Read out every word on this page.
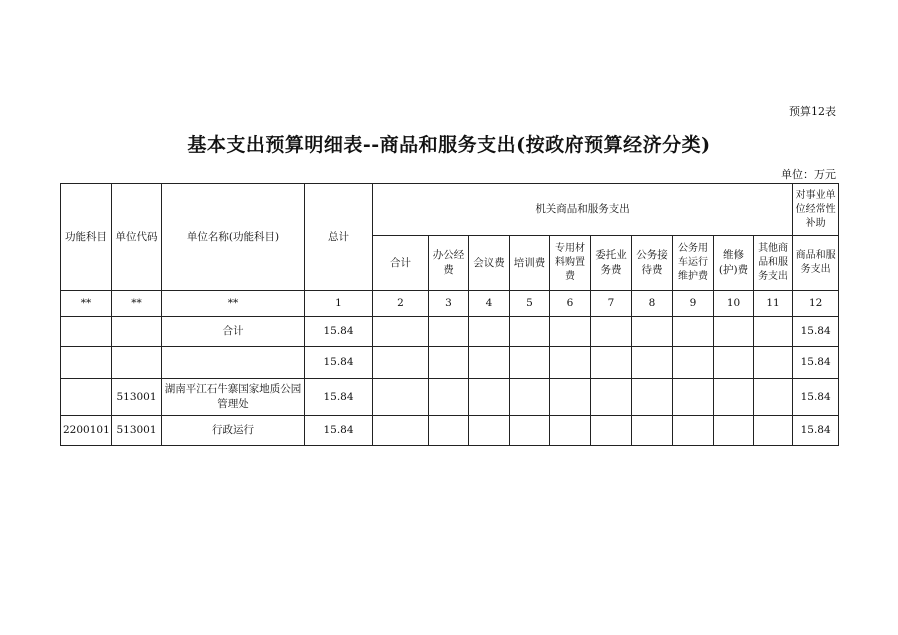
预算12表
基本支出预算明细表--商品和服务支出(按政府预算经济分类)
单位：万元
功能科目	单位代码	单位名称(功能科目)	总计	机关商品和服务支出										对事业单位经常性补助
				合计	办公经费	会议费	培训费	专用材料购置费	委托业务费	公务接待费	公务用车运行维护费	维修(护)费	其他商品和服务支出	商品和服务支出
**	**	**	1	2	3	4	5	6	7	8	9	10	11	12
		合计	15.84											15.84
			15.84											15.84
	513001	湖南平江石牛寨国家地质公园管理处	15.84											15.84
2200101	513001	行政运行	15.84											15.84
